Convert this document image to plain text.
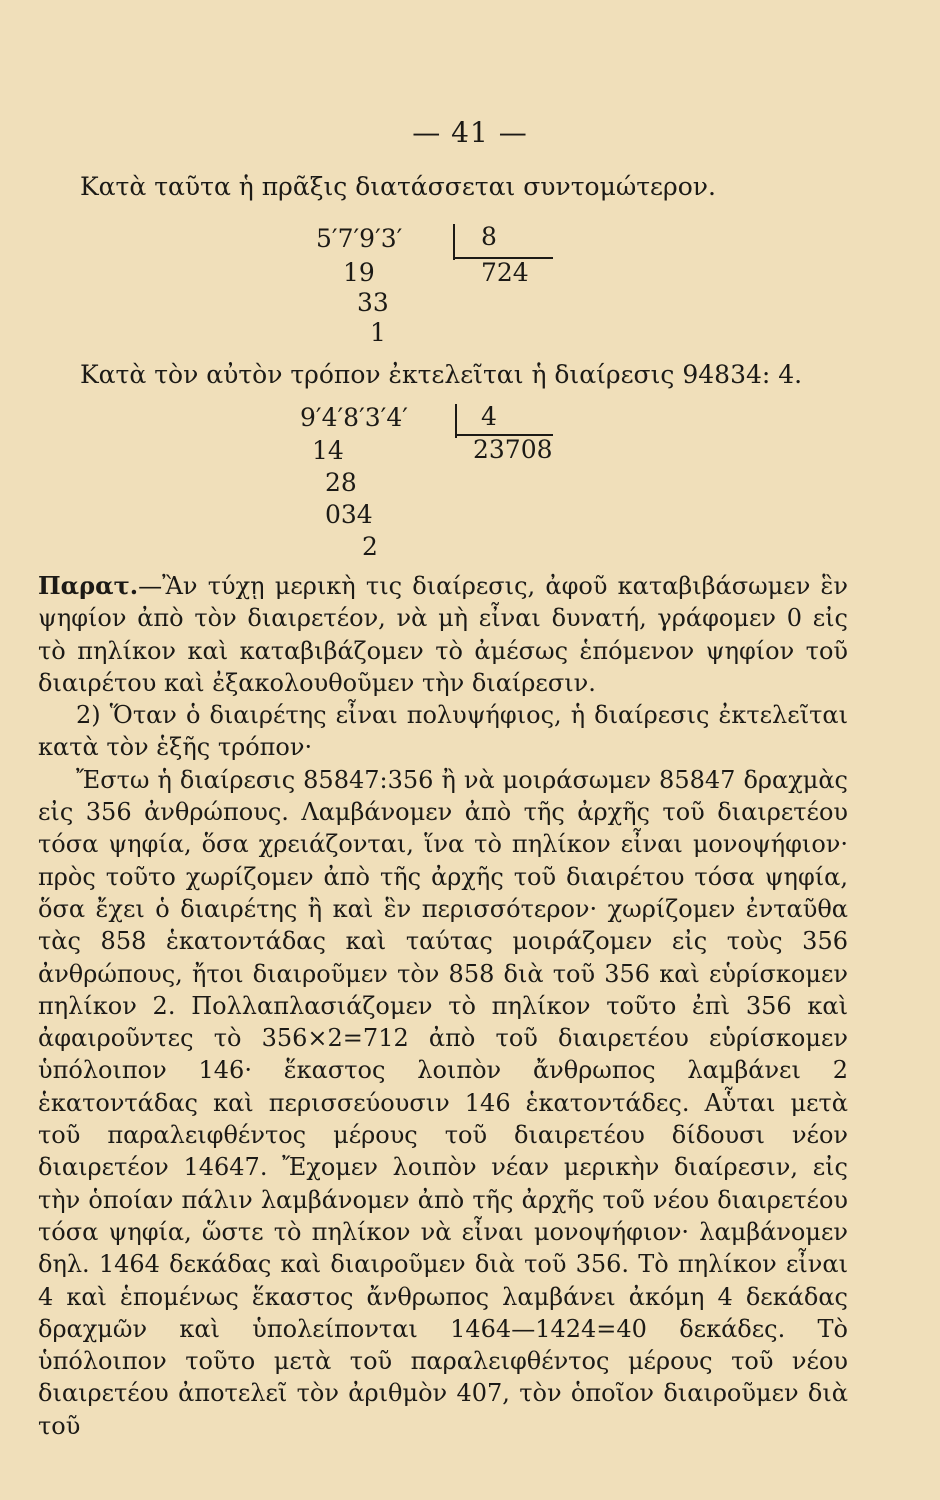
— 41 —
Κατὰ ταῦτα ἡ πρᾶξις διατάσσεται συντομώτερον.
5′7′9′3′	8
724
19
33
1
Κατὰ τὸν αὐτὸν τρόπον ἐκτελεῖται ἡ διαίρεσις 94834: 4.
9′4′8′3′4′	4
23708
14
28
034
2

Παρατ.—Ἂν τύχῃ μερικὴ τις διαίρεσις, ἀφοῦ καταβιβάσωμεν ἓν ψηφίον ἀπὸ τὸν διαιρετέον, νὰ μὴ εἶναι δυνατή, γράφομεν 0 εἰς τὸ πηλίκον καὶ καταβιβάζομεν τὸ ἀμέσως ἑπόμενον ψηφίον τοῦ διαιρέτου καὶ ἐξακολουθοῦμεν τὴν διαίρεσιν.

2) Ὅταν ὁ διαιρέτης εἶναι πολυψήφιος, ἡ διαίρεσις ἐκτελεῖται κατὰ τὸν ἑξῆς τρόπον·

Ἔστω ἡ διαίρεσις 85847:356 ἢ νὰ μοιράσωμεν 85847 δραχμὰς εἰς 356 ἀνθρώπους. Λαμβάνομεν ἀπὸ τῆς ἀρχῆς τοῦ διαιρετέου τόσα ψηφία, ὅσα χρειάζονται, ἵνα τὸ πηλίκον εἶναι μονοψήφιον· πρὸς τοῦτο χωρίζομεν ἀπὸ τῆς ἀρχῆς τοῦ διαιρέτου τόσα ψηφία, ὅσα ἔχει ὁ διαιρέτης ἢ καὶ ἓν περισσότερον· χωρίζομεν ἐνταῦθα τὰς 858 ἑκατοντάδας καὶ ταύτας μοιράζομεν εἰς τοὺς 356 ἀνθρώπους, ἤτοι διαιροῦμεν τὸν 858 διὰ τοῦ 356 καὶ εὑρίσκομεν πηλίκον 2. Πολλαπλασιάζομεν τὸ πηλίκον τοῦτο ἐπὶ 356 καὶ ἀφαιροῦντες τὸ 356×2=712 ἀπὸ τοῦ διαιρετέου εὑρίσκομεν ὑπόλοιπον 146· ἕκαστος λοιπὸν ἄνθρωπος λαμβάνει 2 ἑκατοντάδας καὶ περισσεύουσιν 146 ἑκατοντάδες. Αὗται μετὰ τοῦ παραλειφθέντος μέρους τοῦ διαιρετέου δίδουσι νέον διαιρετέον 14647. Ἔχομεν λοιπὸν νέαν μερικὴν διαίρεσιν, εἰς τὴν ὁποίαν πάλιν λαμβάνομεν ἀπὸ τῆς ἀρχῆς τοῦ νέου διαιρετέου τόσα ψηφία, ὥστε τὸ πηλίκον νὰ εἶναι μονοψήφιον· λαμβάνομεν δηλ. 1464 δεκάδας καὶ διαιροῦμεν διὰ τοῦ 356. Τὸ πηλίκον εἶναι 4 καὶ ἑπομένως ἕκαστος ἄνθρωπος λαμβάνει ἀκόμη 4 δεκάδας δραχμῶν καὶ ὑπολείπονται 1464—1424=40 δεκάδες. Τὸ ὑπόλοιπον τοῦτο μετὰ τοῦ παραλειφθέντος μέρους τοῦ νέου διαιρετέου ἀποτελεῖ τὸν ἀριθμὸν 407, τὸν ὁποῖον διαιροῦμεν διὰ τοῦ
